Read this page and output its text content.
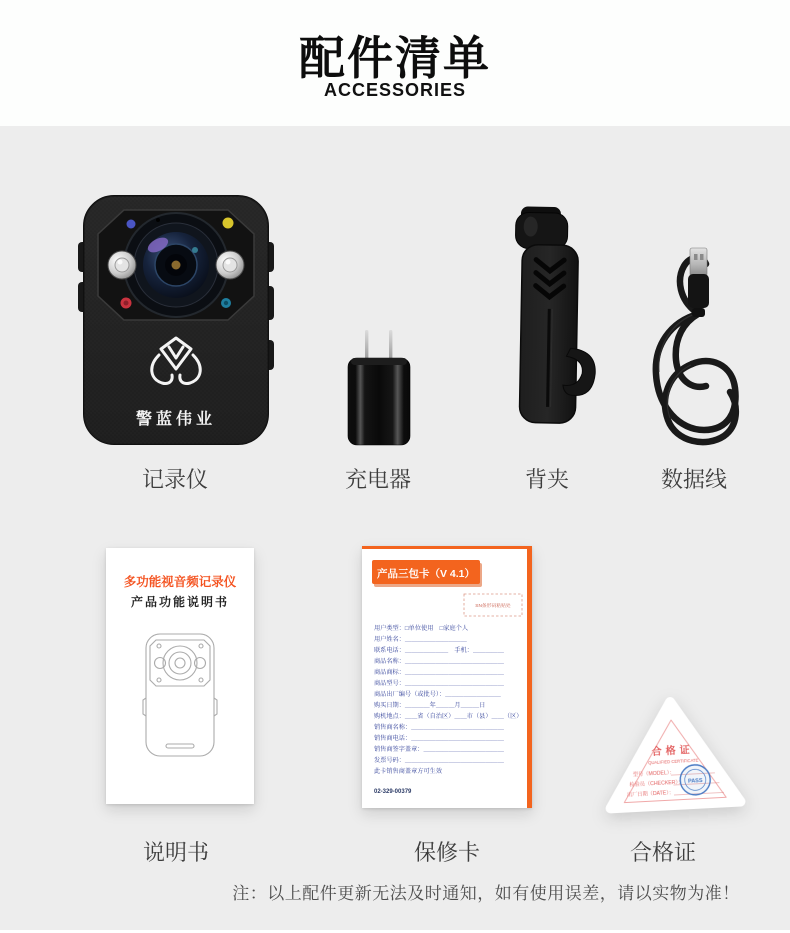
配件清单
ACCESSORIES
警蓝伟业
记录仪	充电器	背夹	数据线
多功能视音频记录仪
产品功能说明书
产品三包卡（V 4.1）
SN条形码粘贴处
用户类型：□单位使用　□家庭个人
用户姓名：＿＿＿＿＿＿＿＿＿＿
联系电话：＿＿＿＿＿＿＿　手机：＿＿＿＿＿
商品名称：＿＿＿＿＿＿＿＿＿＿＿＿＿＿＿＿
商品商标：＿＿＿＿＿＿＿＿＿＿＿＿＿＿＿＿
商品型号：＿＿＿＿＿＿＿＿＿＿＿＿＿＿＿＿
商品出厂编号（或批号）：＿＿＿＿＿＿＿＿＿
购买日期：＿＿＿＿年＿＿＿月＿＿＿日
购机地点：＿＿省（自治区）＿＿市（县）＿＿（区）
销售商名称：＿＿＿＿＿＿＿＿＿＿＿＿＿＿＿
销售商电话：＿＿＿＿＿＿＿＿＿＿＿＿＿＿＿
销售商签字盖章：＿＿＿＿＿＿＿＿＿＿＿＿＿
发票号码：＿＿＿＿＿＿＿＿＿＿＿＿＿＿＿＿
此卡销售商盖章方可生效
02-329-00379
合格证
QUALIFIED CERTIFICATE
型号（MODEL）：
检验员（CHECKER）：
出厂日期（DATE）：
PASS
说明书	保修卡	合格证
注：以上配件更新无法及时通知，如有使用误差，请以实物为准！
